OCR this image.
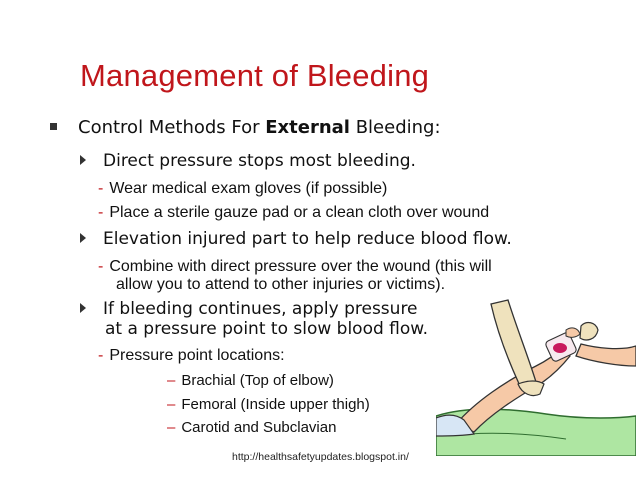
Management of Bleeding
Control Methods For External Bleeding:
Direct pressure stops most bleeding.
- Wear medical exam gloves (if possible)
- Place a sterile gauze pad or a clean cloth over wound
Elevation injured part to help reduce blood flow.
- Combine with direct pressure over the wound (this will
allow you to attend to other injuries or victims).
If bleeding continues, apply pressure
at a pressure point to slow blood flow.
- Pressure point locations:
– Brachial (Top of elbow)
– Femoral (Inside upper thigh)
– Carotid and Subclavian
http://healthsafetyupdates.blogspot.in/
